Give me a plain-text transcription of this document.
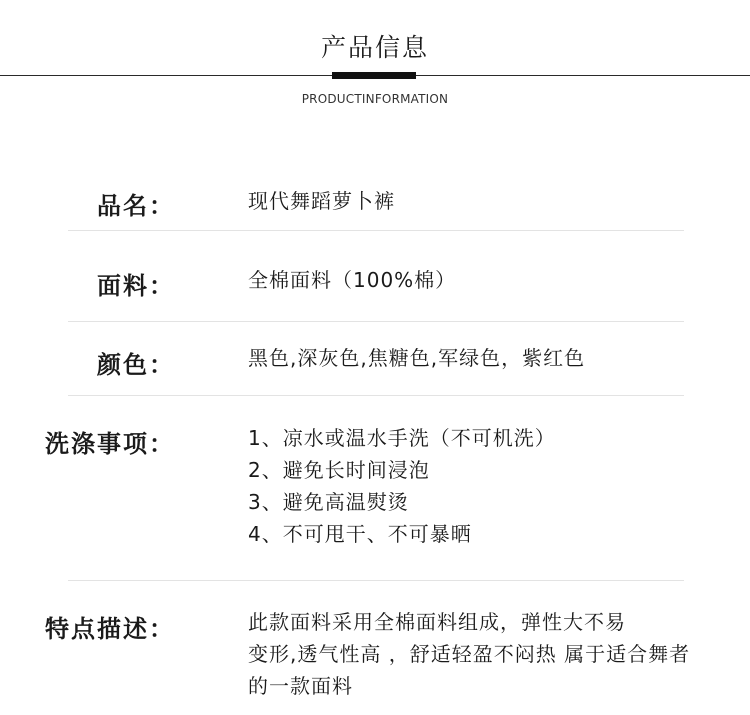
产品信息
PRODUCTINFORMATION
品名：	现代舞蹈萝卜裤
面料：	全棉面料（100%棉）
颜色：	黑色,深灰色,焦糖色,军绿色，紫红色
洗涤事项：	1、凉水或温水手洗（不可机洗）
2、避免长时间浸泡
3、避免高温熨烫
4、不可甩干、不可暴晒
特点描述：	此款面料采用全棉面料组成，弹性大不易
变形,透气性高 ，舒适轻盈不闷热 属于适合舞者
的一款面料
